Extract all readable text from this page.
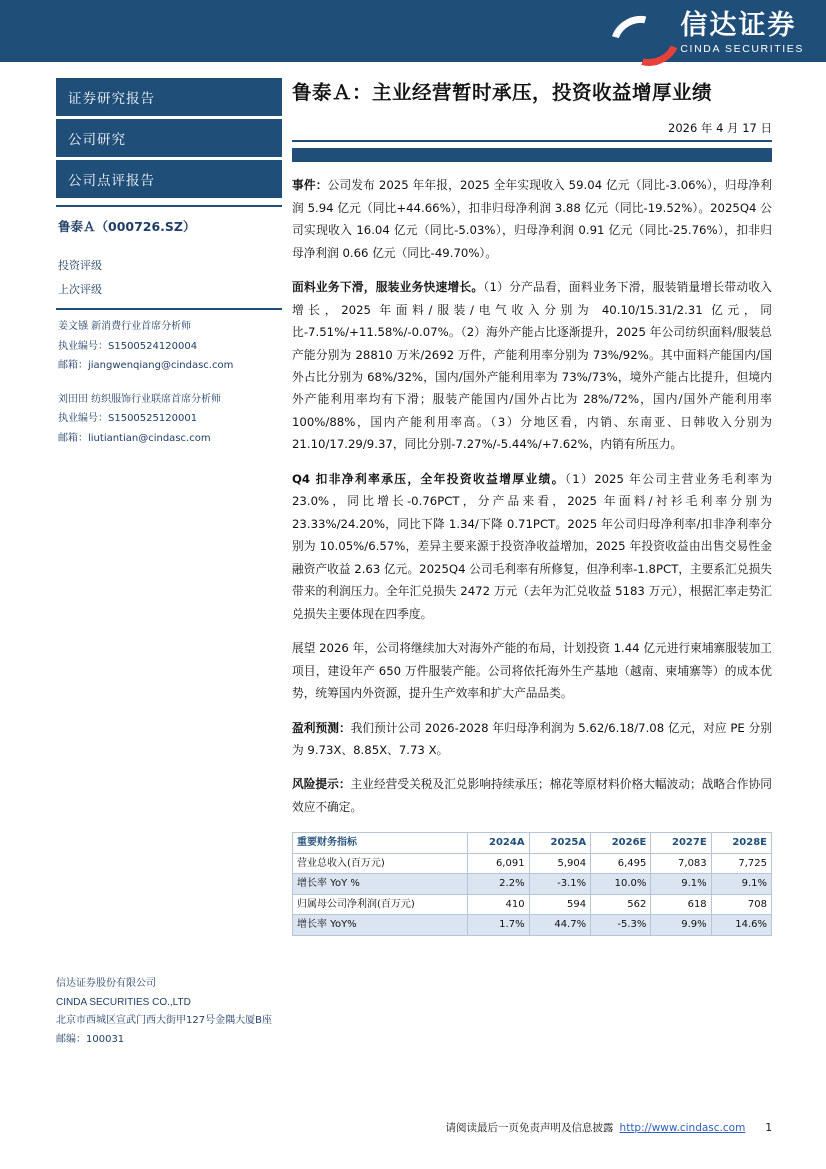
信达证券
CINDA SECURITIES
证券研究报告
公司研究
公司点评报告
鲁泰Ａ（000726.SZ）
投资评级
上次评级
姜文镪 新消费行业首席分析师
执业编号：S1500524120004
邮箱：jiangwenqiang@cindasc.com
刘田田 纺织服饰行业联席首席分析师
执业编号：S1500525120001
邮箱：liutiantian@cindasc.com
信达证券股份有限公司
CINDA SECURITIES CO.,LTD
北京市西城区宣武门西大街甲127号金隅大厦B座
邮编：100031
鲁泰Ａ：主业经营暂时承压，投资收益增厚业绩
2026 年 4 月 17 日

事件：公司发布 2025 年年报，2025 全年实现收入 59.04 亿元（同比-3.06%），归母净利润 5.94 亿元（同比+44.66%），扣非归母净利润 3.88 亿元（同比-19.52%）。2025Q4 公司实现收入 16.04 亿元（同比-5.03%），归母净利润 0.91 亿元（同比-25.76%），扣非归母净利润 0.66 亿元（同比-49.70%）。

面料业务下滑，服装业务快速增长。（1）分产品看，面料业务下滑，服装销量增长带动收入增长，2025 年面料/服装/电气收入分别为 40.10/15.31/2.31 亿元，同比-7.51%/+11.58%/-0.07%。（2）海外产能占比逐渐提升，2025 年公司纺织面料/服装总产能分别为 28810 万米/2692 万件，产能利用率分别为 73%/92%。其中面料产能国内/国外占比分别为 68%/32%，国内/国外产能利用率为 73%/73%，境外产能占比提升，但境内外产能利用率均有下滑；服装产能国内/国外占比为 28%/72%，国内/国外产能利用率 100%/88%，国内产能利用率高。（3）分地区看，内销、东南亚、日韩收入分别为 21.10/17.29/9.37，同比分别-7.27%/-5.44%/+7.62%，内销有所压力。

Q4 扣非净利率承压，全年投资收益增厚业绩。（1）2025 年公司主营业务毛利率为 23.0%，同比增长-0.76PCT，分产品来看，2025 年面料/衬衫毛利率分别为 23.33%/24.20%，同比下降 1.34/下降 0.71PCT。2025 年公司归母净利率/扣非净利率分别为 10.05%/6.57%，差异主要来源于投资净收益增加，2025 年投资收益由出售交易性金融资产收益 2.63 亿元。2025Q4 公司毛利率有所修复，但净利率-1.8PCT，主要系汇兑损失带来的利润压力。全年汇兑损失 2472 万元（去年为汇兑收益 5183 万元），根据汇率走势汇兑损失主要体现在四季度。

展望 2026 年，公司将继续加大对海外产能的布局，计划投资 1.44 亿元进行柬埔寨服装加工项目，建设年产 650 万件服装产能。公司将依托海外生产基地（越南、柬埔寨等）的成本优势，统筹国内外资源，提升生产效率和扩大产品品类。

盈利预测：我们预计公司 2026-2028 年归母净利润为 5.62/6.18/7.08 亿元，对应 PE 分别为 9.73X、8.85X、7.73 X。

风险提示：主业经营受关税及汇兑影响持续承压；棉花等原材料价格大幅波动；战略合作协同效应不确定。

重要财务指标	2024A	2025A	2026E	2027E	2028E
营业总收入(百万元)	6,091	5,904	6,495	7,083	7,725
增长率 YoY %	2.2%	-3.1%	10.0%	9.1%	9.1%
归属母公司净利润(百万元)	410	594	562	618	708
增长率 YoY%	1.7%	44.7%	-5.3%	9.9%	14.6%
请阅读最后一页免责声明及信息披露 http://www.cindasc.com 1
